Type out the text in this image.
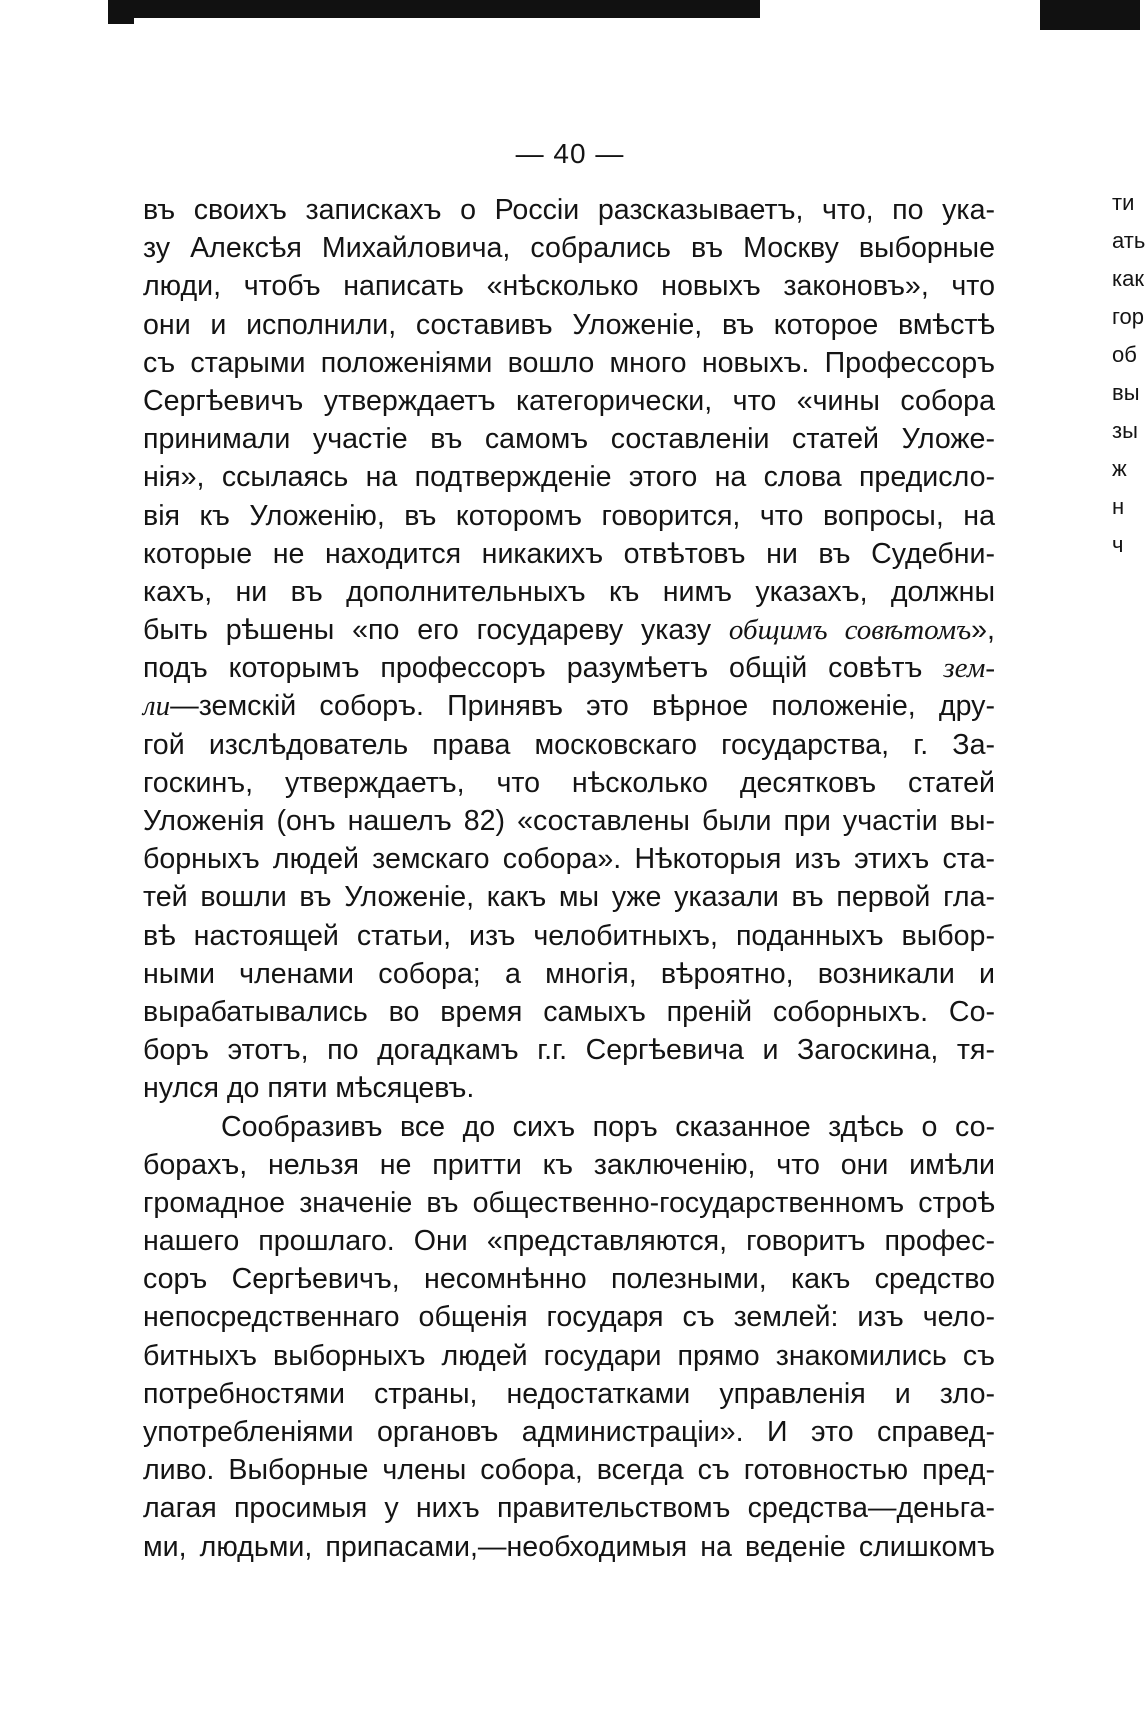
— 40 —
въ своихъ запискахъ о Россіи разсказываетъ, что, по ука-
зу Алексѣя Михайловича, собрались въ Москву выборные
люди, чтобъ написать «нѣсколько новыхъ законовъ», что
они и исполнили, составивъ Уложеніе, въ которое вмѣстѣ
съ старыми положеніями вошло много новыхъ. Профессоръ
Сергѣевичъ утверждаетъ категорически, что «чины собора
принимали участіе въ самомъ составленіи статей Уложе-
нія», ссылаясь на подтвержденіе этого на слова предисло-
вія къ Уложенію, въ которомъ говорится, что вопросы, на
которые не находится никакихъ отвѣтовъ ни въ Судебни-
кахъ, ни въ дополнительныхъ къ нимъ указахъ, должны
быть рѣшены «по его государеву указу общимъ совѣтомъ»,
подъ которымъ профессоръ разумѣетъ общій совѣтъ зем-
ли—земскій соборъ. Принявъ это вѣрное положеніе, дру-
гой изслѣдователь права московскаго государства, г. За-
госкинъ, утверждаетъ, что нѣсколько десятковъ статей
Уложенія (онъ нашелъ 82) «составлены были при участіи вы-
борныхъ людей земскаго собора». Нѣкоторыя изъ этихъ ста-
тей вошли въ Уложеніе, какъ мы уже указали въ первой гла-
вѣ настоящей статьи, изъ челобитныхъ, поданныхъ выбор-
ными членами собора; а многія, вѣроятно, возникали и
вырабатывались во время самыхъ преній соборныхъ. Со-
боръ этотъ, по догадкамъ г.г. Сергѣевича и Загоскина, тя-
нулся до пяти мѣсяцевъ.
Сообразивъ все до сихъ поръ сказанное здѣсь о со-
борахъ, нельзя не притти къ заключенію, что они имѣли
громадное значеніе въ общественно-государственномъ строѣ
нашего прошлаго. Они «представляются, говоритъ профес-
соръ Сергѣевичъ, несомнѣнно полезными, какъ средство
непосредственнаго общенія государя съ землей: изъ чело-
битныхъ выборныхъ людей государи прямо знакомились съ
потребностями страны, недостатками управленія и зло-
употребленіями органовъ администраціи». И это справед-
ливо. Выборные члены собора, всегда съ готовностью пред-
лагая просимыя у нихъ правительствомъ средства—деньга-
ми, людьми, припасами,—необходимыя на веденіе слишкомъ
ти
ать
как
гор
об
вы
зы
ж
н
ч
